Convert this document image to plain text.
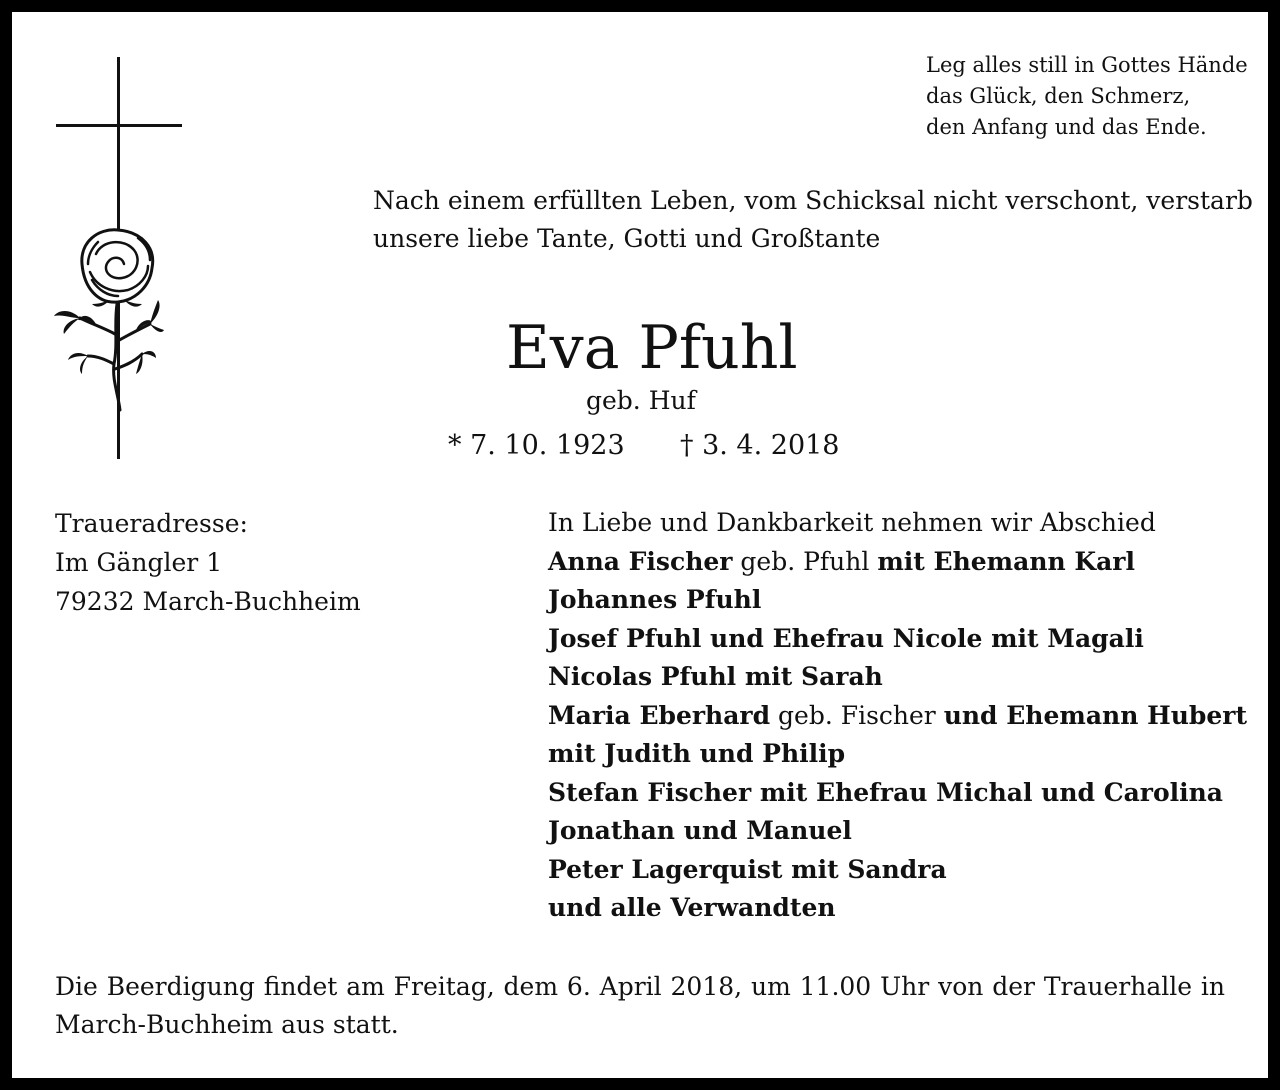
Leg alles still in Gottes Hände
das Glück, den Schmerz,
den Anfang und das Ende.
Nach einem erfüllten Leben, vom Schicksal nicht verschont, verstarb
unsere liebe Tante, Gotti und Großtante
Eva Pfuhl
geb. Huf
* 7. 10. 1923 † 3. 4. 2018
Traueradresse:
Im Gängler 1
79232 March-Buchheim
In Liebe und Dankbarkeit nehmen wir Abschied
Anna Fischer geb. Pfuhl mit Ehemann Karl
Johannes Pfuhl
Josef Pfuhl und Ehefrau Nicole mit Magali
Nicolas Pfuhl mit Sarah
Maria Eberhard geb. Fischer und Ehemann Hubert
mit Judith und Philip
Stefan Fischer mit Ehefrau Michal und Carolina
Jonathan und Manuel
Peter Lagerquist mit Sandra
und alle Verwandten
Die Beerdigung findet am Freitag, dem 6. April 2018, um 11.00 Uhr von der Trauerhalle in March-Buchheim aus statt.
